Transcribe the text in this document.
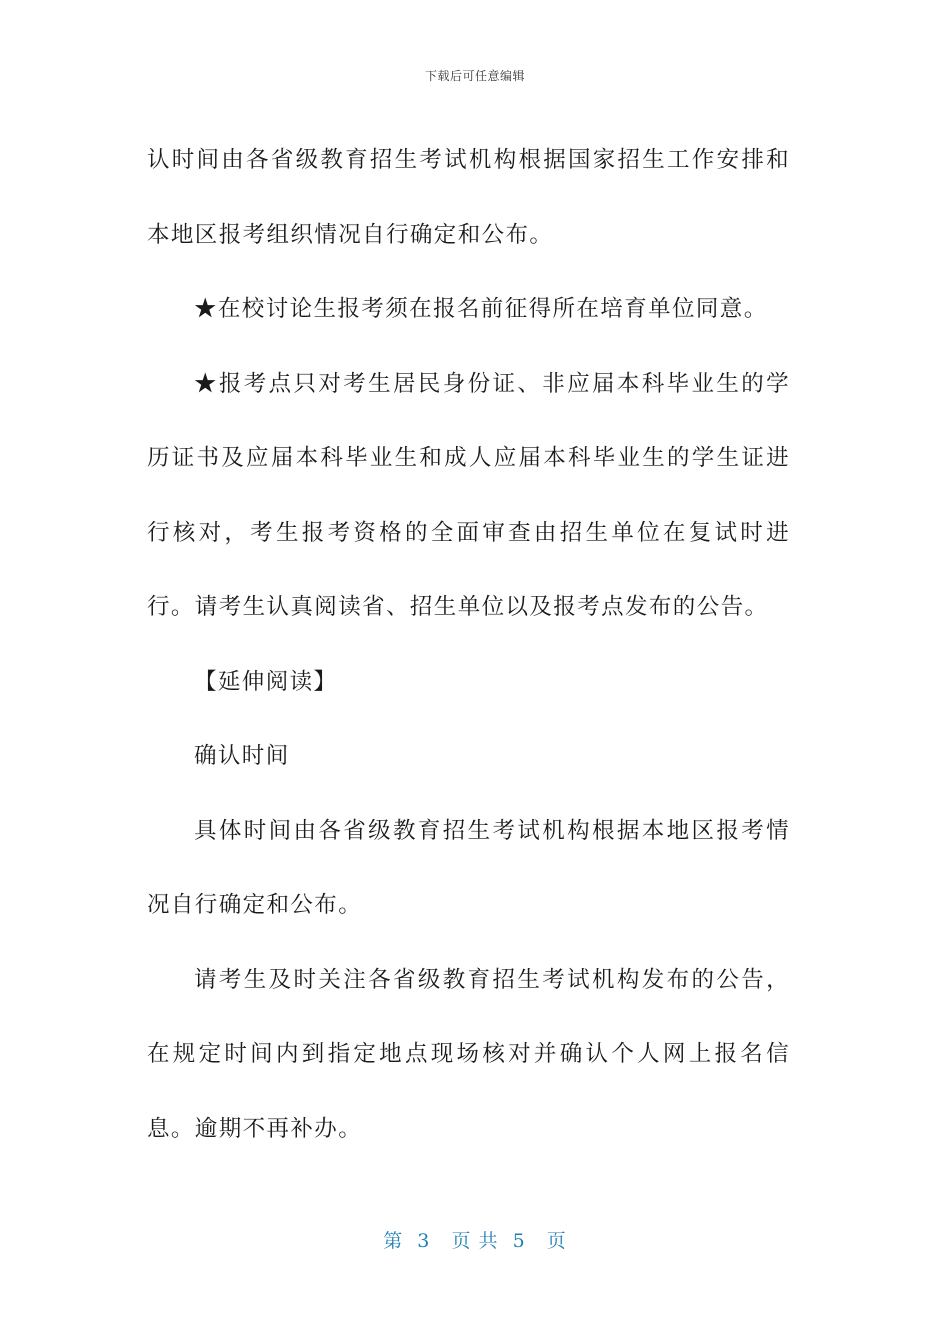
下载后可任意编辑

认时间由各省级教育招生考试机构根据国家招生工作安排和本地区报考组织情况自行确定和公布。

★在校讨论生报考须在报名前征得所在培育单位同意。

★报考点只对考生居民身份证、非应届本科毕业生的学历证书及应届本科毕业生和成人应届本科毕业生的学生证进行核对，考生报考资格的全面审查由招生单位在复试时进行。请考生认真阅读省、招生单位以及报考点发布的公告。

【延伸阅读】

确认时间

具体时间由各省级教育招生考试机构根据本地区报考情况自行确定和公布。

请考生及时关注各省级教育招生考试机构发布的公告，在规定时间内到指定地点现场核对并确认个人网上报名信息。逾期不再补办。

第  3   页 共  5   页
